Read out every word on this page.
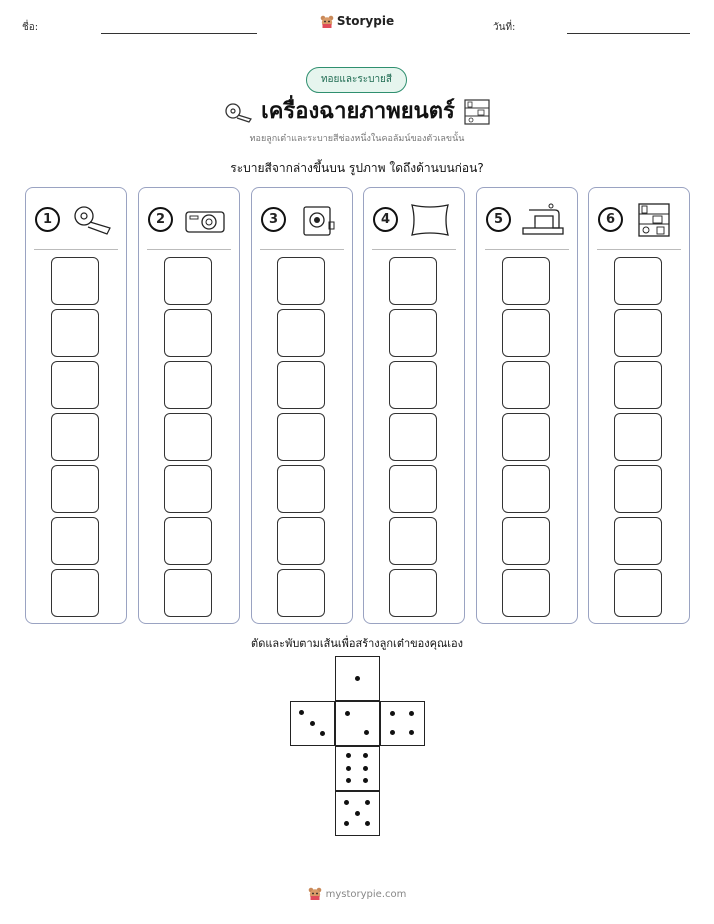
ชื่อ:	Storypie	วันที่:
ทอยและระบายสี
เครื่องฉายภาพยนตร์
ทอยลูกเต๋าและระบายสีช่องหนึ่งในคอลัมน์ของตัวเลขนั้น
ระบายสีจากล่างขึ้นบน รูปภาพ ใดถึงด้านบนก่อน?
1	2	3	4	5	6
ตัดและพับตามเส้นเพื่อสร้างลูกเต๋าของคุณเอง
mystorypie.com
